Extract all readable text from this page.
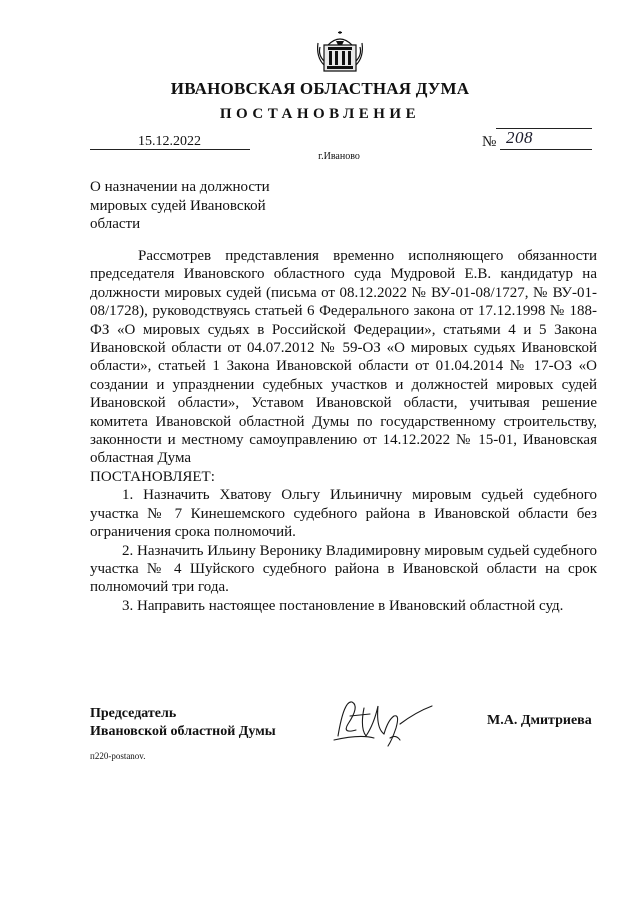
ИВАНОВСКАЯ ОБЛАСТНАЯ ДУМА
ПОСТАНОВЛЕНИЕ
15.12.2022	№ 208
г.Иваново
О назначении на должности мировых судей Ивановской области

Рассмотрев представления временно исполняющего обязанности председателя Ивановского областного суда Мудровой Е.В. кандидатур на должности мировых судей (письма от 08.12.2022 № ВУ-01-08/1727, № ВУ-01-08/1728), руководствуясь статьей 6 Федерального закона от 17.12.1998 № 188-ФЗ «О мировых судьях в Российской Федерации», статьями 4 и 5 Закона Ивановской области от 04.07.2012 № 59-ОЗ «О мировых судьях Ивановской области», статьей 1 Закона Ивановской области от 01.04.2014 № 17-ОЗ «О создании и упразднении судебных участков и должностей мировых судей Ивановской области», Уставом Ивановской области, учитывая решение комитета Ивановской областной Думы по государственному строительству, законности и местному самоуправлению от 14.12.2022 № 15-01, Ивановская областная Дума

ПОСТАНОВЛЯЕТ:

1. Назначить Хватову Ольгу Ильиничну мировым судьей судебного участка № 7 Кинешемского судебного района в Ивановской области без ограничения срока полномочий.

2. Назначить Ильину Веронику Владимировну мировым судьей судебного участка № 4 Шуйского судебного района в Ивановской области на срок полномочий три года.

3. Направить настоящее постановление в Ивановский областной суд.

Председатель
Ивановской областной Думы
М.А. Дмитриева
п220-postanov.
